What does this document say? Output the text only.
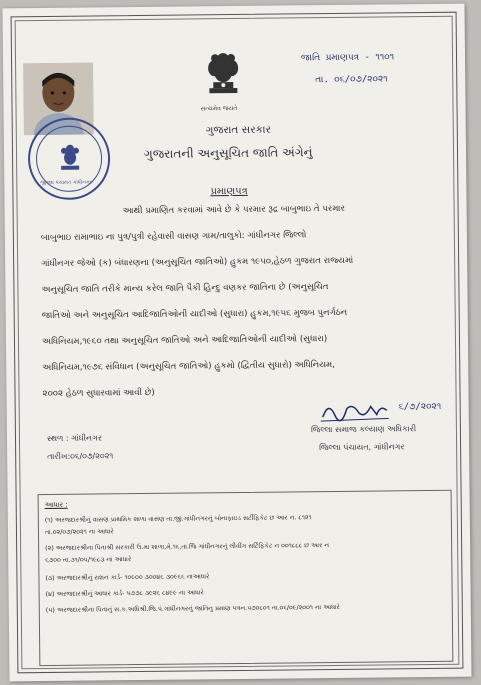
જાતિ પ્રમાણપત્ર - ૧૧૦૧
તા. ૦૬/૦૭/૨૦૨૧
સત્યમેવ જયતે
જીલ્લા પંચાયત ગાંધીનગર
ગુજરાત સરકાર
ગુજરાતની અનુસૂચિત જાતિ અંગેનું
પ્રમાણપત્ર
આથી પ્રમાણિત કરવામાં આવે છે કે પરમાર રૂદ્ર બાબુભાઇ તે પરમાર
બાબુભાઇ રામાભાઇ ના પુત્ર/પુત્રી રહેવાસી વાસણ ગામ/તાલુકો: ગાંધીનગર જિલ્લો
ગાંધીનગર જેઓ (ક) બંધારણના (અનુસૂચિત જાતિઓ) હુકમ ૧૯૫૦,હેઠળ ગુજરાત રાજ્યમાં
અનુસૂચિત જાતિ તરીકે માન્ય કરેલ જાતિ પૈકી હિન્દુ વણકર જાતિના છે (અનુસૂચિત
જાતિઓ અને અનુસૂચિત આદિજાતિઓની યાદીઓ (સુધારા) હુકમ,૧૯૫૬ મુજબ પુનર્ગઠન
અધિનિયમ,૧૯૬૦ તથા અનુસૂચિત જાતિઓ અને આદિજાતિઓની યાદીઓ (સુધારા)
અધિનિયમ,૧૯૭૬ સંવિધાન (અનુસૂચિત જાતિઓ) હુકમો (દ્વિતીય સુધારો) અધિનિયમ,
૨૦૦૨ હેઠળ સુધારવામાં આવી છે)
૬/૭/૨૦૨૧
જિલ્લા સમાજ કલ્યાણ અધિકારી
જિલ્લા પંચાયત, ગાંધીનગર
સ્થળ : ગાંધીનગર
તારીખ:૦૬/૦૭/૨૦૨૧
આધાર :
(૧) અરજદારશ્રીનું વાસણ પ્રાથમિક શાળા વાસણ તા.જી.ગાંધીનગરનું બોનાફાઇડ સર્ટીફિકેટ છ આર ન. ૮૧૨૧
તા.૦૨/૦૭/૨૦૨૧ ના આધારે
(૨) અરજદારશ્રીના પિતાશ્રી સરકારી ઉ.મા શાળા,મે.૧૬,તા.જિ ગાંધીનગરનું લીવીંગ સર્ટિફિકેટ ન ૦૦૧૮૮૮ છ આર ન
૬૭૦૦ તા.૩૧/૦૫/૧૯૮૩ ના આધારે
(૩) અરજદારશ્રીનું રાશન કાર્ડ- ૧૦૯૦૦ ૩૦૦૪૬ ૩૦૯૬૬ નાઆધારે
(૪) અરજદારશ્રીનું આધાર કાર્ડ- ૫૭૭૮ ૩૯૨૬ ૮૪૯૯ ના આધારે
(૫) અરજદારશ્રીના પિતાનું સ.ક.અધિશ્રી.જિ.પં.ગાંધીનગરનું જાતિનુ પ્રમાણ પત્રન.૫૭૦૮૦૧ તા.૦૬/૦૯/૨૦૦૧ ના આધારે
